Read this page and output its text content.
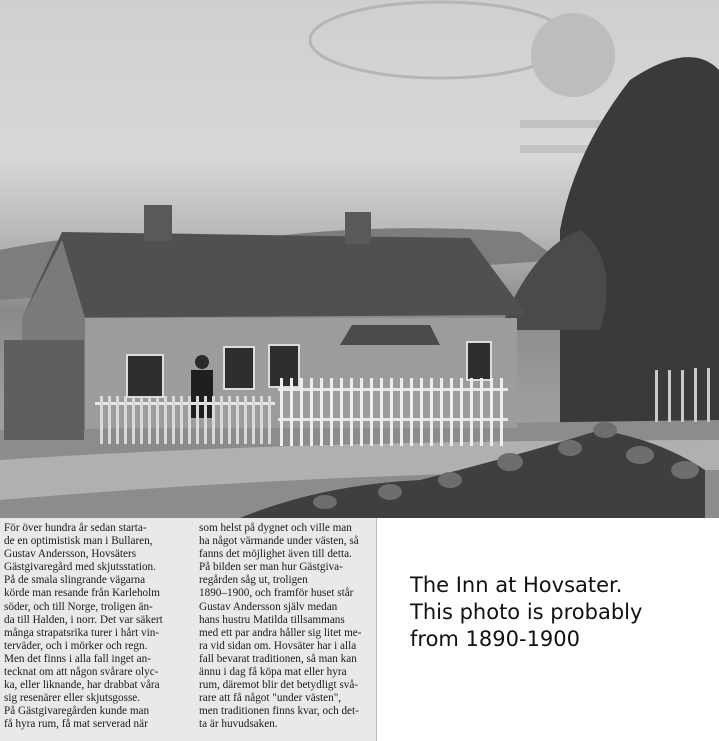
För över hundra år sedan starta-
de en optimistisk man i Bullaren,
Gustav Andersson, Hovsäters
Gästgivaregård med skjutsstation.
På de smala slingrande vägarna
körde man resande från Karleholm
söder, och till Norge, troligen än-
da till Halden, i norr. Det var säkert
många strapatsrika turer i hårt vin-
terväder, och i mörker och regn.
Men det finns i alla fall inget an-
tecknat om att någon svårare olyc-
ka, eller liknande, har drabbat våra
sig resenärer eller skjutsgosse.
På Gästgivaregården kunde man
få hyra rum, få mat serverad när
som helst på dygnet och ville man
ha något värmande under västen, så
fanns det möjlighet även till detta.
På bilden ser man hur Gästgiva-
regården såg ut, troligen
1890–1900, och framför huset står
Gustav Andersson själv medan
hans hustru Matilda tillsammans
med ett par andra håller sig litet me-
ra vid sidan om. Hovsäter har i alla
fall bevarat traditionen, så man kan
ännu i dag få köpa mat eller hyra
rum, däremot blir det betydligt svå-
rare att få något "under västen",
men traditionen finns kvar, och det-
ta är huvudsaken.
The Inn at Hovsater.
This photo is probably
from 1890-1900
